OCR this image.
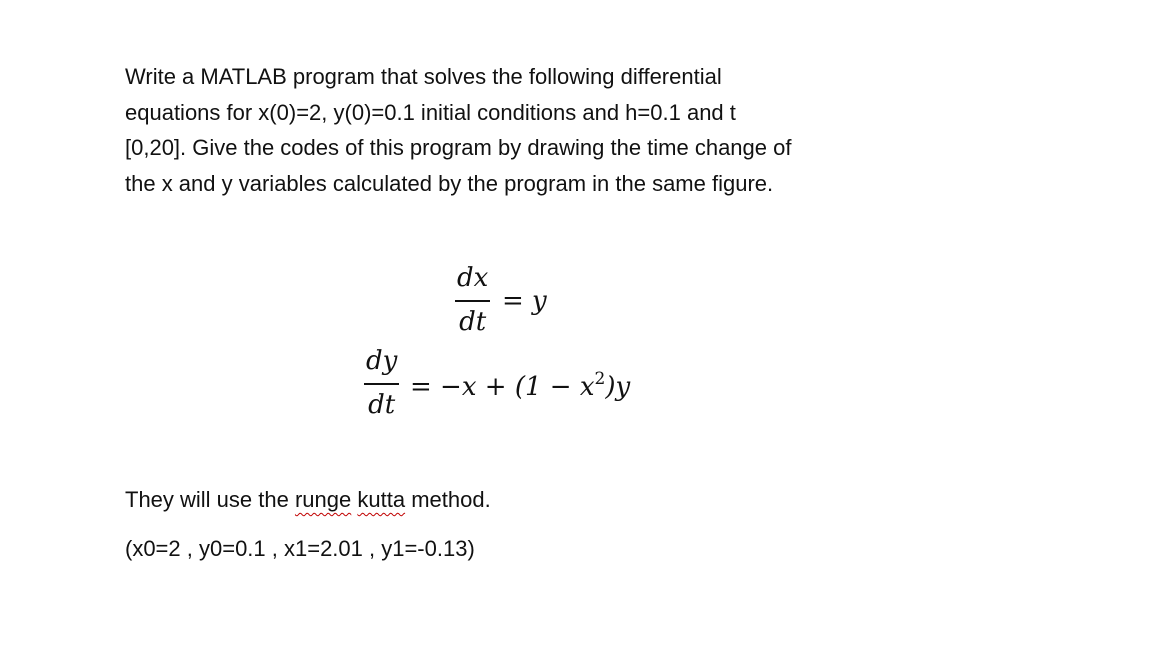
Write a MATLAB program that solves the following differential
equations for x(0)=2, y(0)=0.1 initial conditions and h=0.1 and t
[0,20]. Give the codes of this program by drawing the time change of
the x and y variables calculated by the program in the same figure.
dx
dt
= y
dy
dt
= $-x + (1 - x^2)y$
They will use the runge kutta method.
(x0=2 , y0=0.1 , x1=2.01 , y1=-0.13)
